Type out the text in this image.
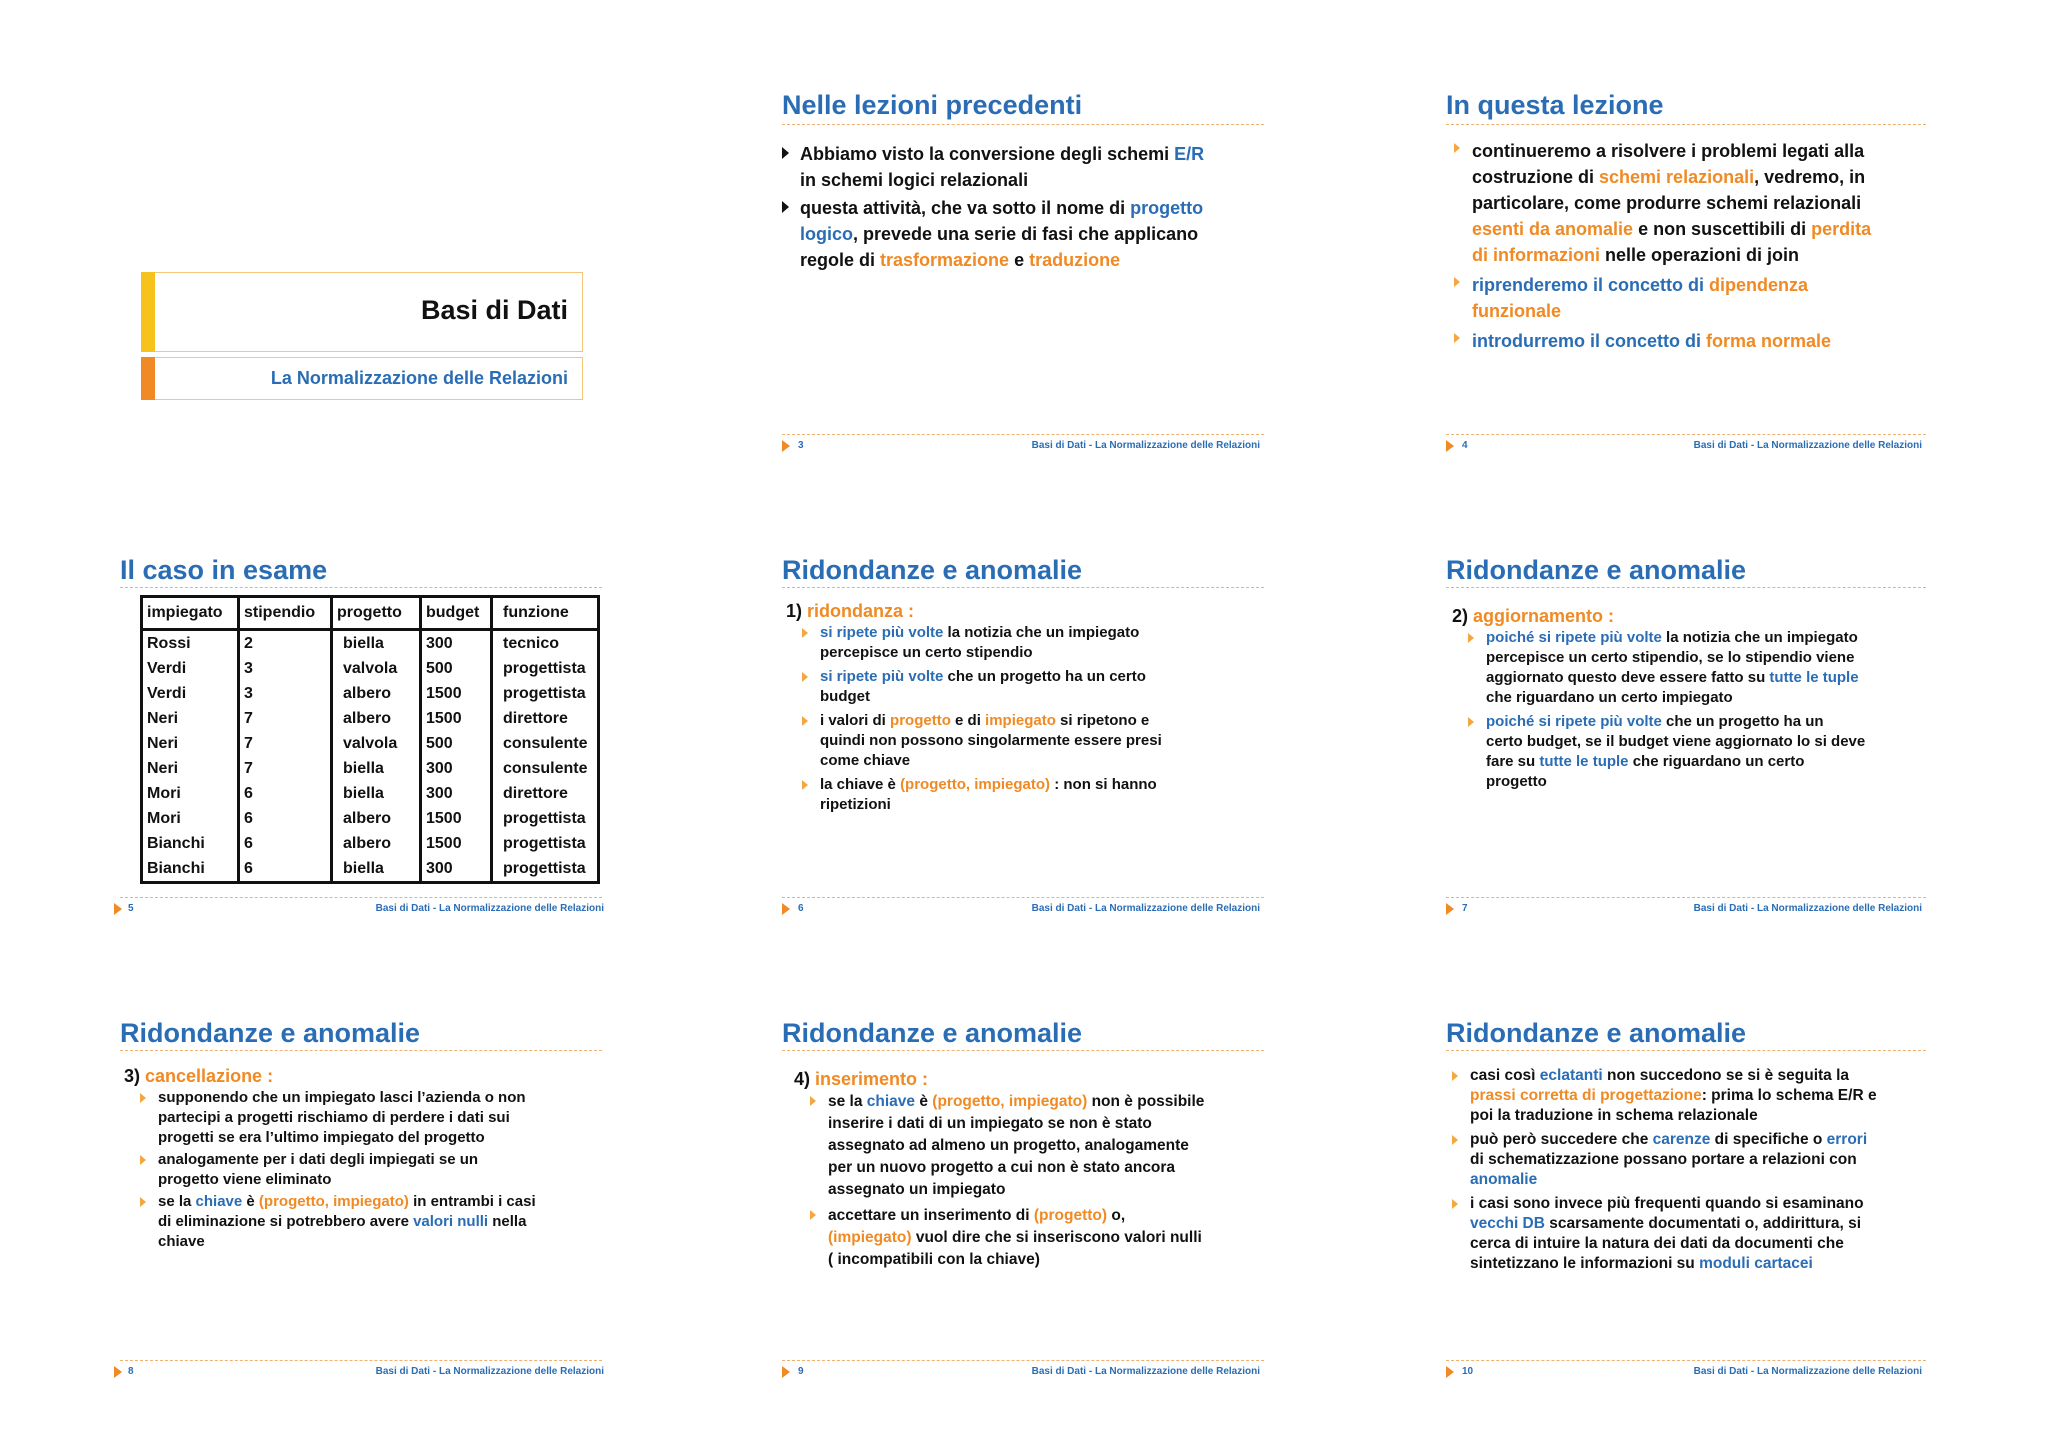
Basi di Dati
La Normalizzazione delle Relazioni
Nelle lezioni precedenti
Abbiamo visto la conversione degli schemi E/R
in schemi logici relazionali
questa attività, che va sotto il nome di progetto
logico, prevede una serie di fasi che applicano
regole di trasformazione e traduzione
3	Basi di Dati - La Normalizzazione delle Relazioni
In questa lezione
continueremo a risolvere i problemi legati alla
costruzione di schemi relazionali, vedremo, in
particolare, come produrre schemi relazionali
esenti da anomalie e non suscettibili di perdita
di informazioni nelle operazioni di join
riprenderemo il concetto di dipendenza
funzionale
introdurremo il concetto di forma normale
4	Basi di Dati - La Normalizzazione delle Relazioni
Il caso in esame
impiegato	stipendio	progetto	budget	funzione
Rossi	2	biella	300	tecnico
Verdi	3	valvola	500	progettista
Verdi	3	albero	1500	progettista
Neri	7	albero	1500	direttore
Neri	7	valvola	500	consulente
Neri	7	biella	300	consulente
Mori	6	biella	300	direttore
Mori	6	albero	1500	progettista
Bianchi	6	albero	1500	progettista
Bianchi	6	biella	300	progettista
5	Basi di Dati - La Normalizzazione delle Relazioni
Ridondanze e anomalie
1) ridondanza :
si ripete più volte la notizia che un impiegato
percepisce un certo stipendio
si ripete più volte che un progetto ha un certo
budget
i valori di progetto e di impiegato si ripetono e
quindi non possono singolarmente essere presi
come chiave
la chiave è (progetto, impiegato) : non si hanno
ripetizioni
6	Basi di Dati - La Normalizzazione delle Relazioni
Ridondanze e anomalie
2) aggiornamento :
poiché si ripete più volte la notizia che un impiegato
percepisce un certo stipendio, se lo stipendio viene
aggiornato questo deve essere fatto su tutte le tuple
che riguardano un certo impiegato
poiché si ripete più volte che un progetto ha un
certo budget, se il budget viene aggiornato lo si deve
fare su tutte le tuple che riguardano un certo
progetto
7	Basi di Dati - La Normalizzazione delle Relazioni
Ridondanze e anomalie
3) cancellazione :
supponendo che un impiegato lasci l’azienda o non
partecipi a progetti rischiamo di perdere i dati sui
progetti se era l’ultimo impiegato del progetto
analogamente per i dati degli impiegati se un
progetto viene eliminato
se la chiave è (progetto, impiegato) in entrambi i casi
di eliminazione si potrebbero avere valori nulli nella
chiave
8	Basi di Dati - La Normalizzazione delle Relazioni
Ridondanze e anomalie
4) inserimento :
se la chiave è (progetto, impiegato) non è possibile
inserire i dati di un impiegato se non è stato
assegnato ad almeno un progetto, analogamente
per un nuovo progetto a cui non è stato ancora
assegnato un impiegato
accettare un inserimento di (progetto) o,
(impiegato) vuol dire che si inseriscono valori nulli
( incompatibili con la chiave)
9	Basi di Dati - La Normalizzazione delle Relazioni
Ridondanze e anomalie
casi così eclatanti non succedono se si è seguita la
prassi corretta di progettazione: prima lo schema E/R e
poi la traduzione in schema relazionale
può però succedere che carenze di specifiche o errori
di schematizzazione possano portare a relazioni con
anomalie
i casi sono invece più frequenti quando si esaminano
vecchi DB scarsamente documentati o, addirittura, si
cerca di intuire la natura dei dati da documenti che
sintetizzano le informazioni su moduli cartacei
10	Basi di Dati - La Normalizzazione delle Relazioni
